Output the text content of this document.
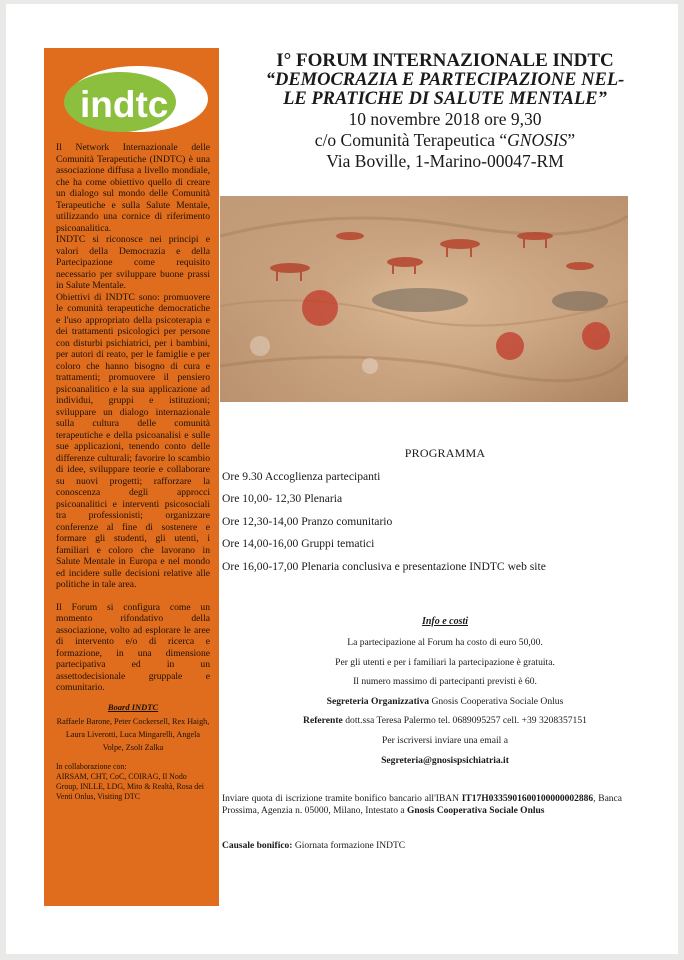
indtc

Il Network Internazionale delle Comunità Terapeutiche (INDTC) è una associazione diffusa a livello mondiale, che ha come obiettivo quello di creare un dialogo sul mondo delle Comunità Terapeutiche e sulla Salute Mentale, utilizzando una cornice di riferimento psicoanalitica.

INDTC si riconosce nei principi e valori della Democrazia e della Partecipazione come requisito necessario per sviluppare buone prassi in Salute Mentale.

Obiettivi di INDTC sono: promuovere le comunità terapeutiche democratiche e l'uso appropriato della psicoterapia e dei trattamenti psicologici per persone con disturbi psichiatrici, per i bambini, per autori di reato, per le famiglie e per coloro che hanno bisogno di cura e trattamenti; promuovere il pensiero psicoanalitico e la sua applicazione ad individui, gruppi e istituzioni; sviluppare un dialogo internazionale sulla cultura delle comunità terapeutiche e della psicoanalisi e sulle sue applicazioni, tenendo conto delle differenze culturali; favorire lo scambio di idee, sviluppare teorie e collaborare su nuovi progetti; rafforzare la conoscenza degli approcci psicoanalitici e interventi psicosociali tra professionisti; organizzare conferenze al fine di sostenere e formare gli studenti, gli utenti, i familiari e coloro che lavorano in Salute Mentale in Europa e nel mondo ed incidere sulle decisioni relative alle politiche in tale area.

Il Forum si configura come un momento rifondativo della associazione, volto ad esplorare le aree di intervento e/o di ricerca e formazione, in una dimensione partecipativa ed in un assettodecisionale gruppale e comunitario.

Board INDTC
Raffaele Barone, Peter Cockersell, Rex Haigh, Laura Liverotti, Luca Mingarelli, Angela Volpe, Zsolt Zalka
In collaborazione con:
AIRSAM, CHT, CoC, COIRAG, Il Nodo Group, INLLE, LDG, Mito & Realtà, Rosa dei Venti Onlus, Visiting DTC
I° FORUM INTERNAZIONALE INDTC
“DEMOCRAZIA E PARTECIPAZIONE NEL-
LE PRATICHE DI SALUTE MENTALE”
10 novembre 2018 ore 9,30
c/o Comunità Terapeutica “GNOSIS”
Via Boville, 1-Marino-00047-RM
PROGRAMMA
Ore 9.30 Accoglienza partecipanti
Ore 10,00- 12,30 Plenaria
Ore 12,30-14,00 Pranzo comunitario
Ore 14,00-16,00 Gruppi tematici
Ore 16,00-17,00 Plenaria conclusiva e presentazione INDTC web site
Info e costi
La partecipazione al Forum ha costo di euro 50,00.
Per gli utenti e per i familiari la partecipazione è gratuita.
Il numero massimo di partecipanti previsti è 60.
Segreteria Organizzativa Gnosis Cooperativa Sociale Onlus
Referente dott.ssa Teresa Palermo tel. 0689095257 cell. +39 3208357151
Per iscriversi inviare una email a
Segreteria@gnosispsichiatria.it
Inviare quota di iscrizione tramite bonifico bancario all'IBAN IT17H0335901600100000002886, Banca Prossima, Agenzia n. 05000, Milano, Intestato a Gnosis Cooperativa Sociale Onlus
Causale bonifico: Giornata formazione INDTC
